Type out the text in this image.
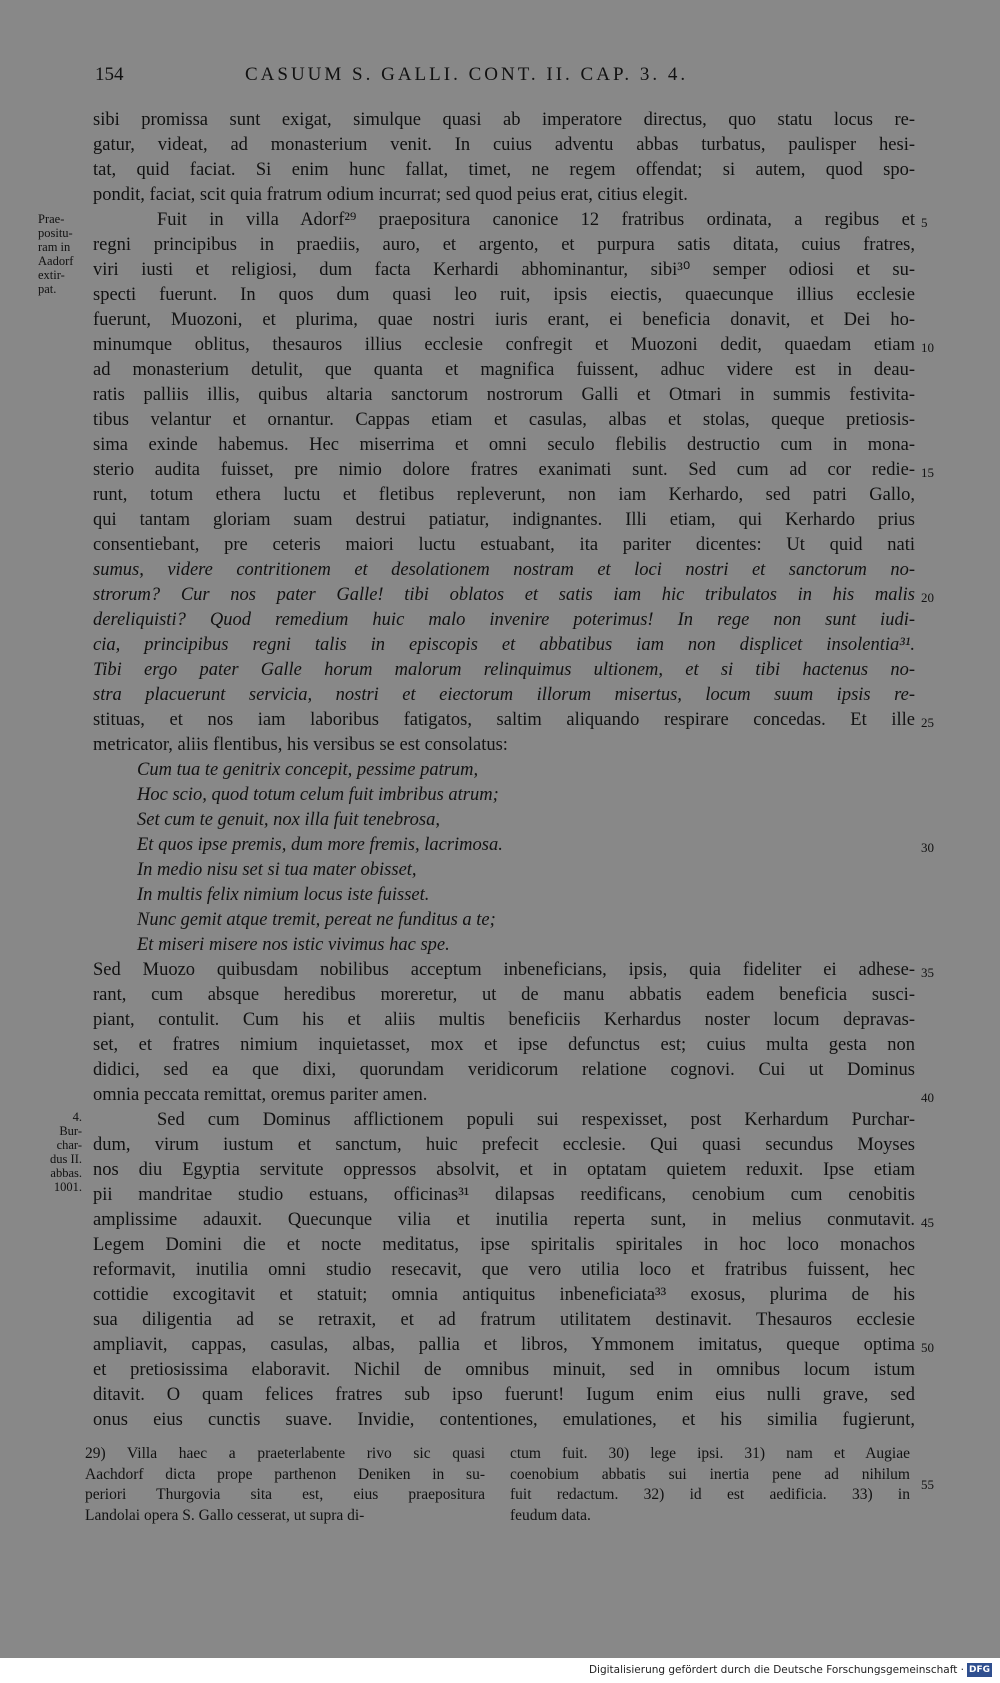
154	CASUUM S. GALLI. CONT. II. CAP. 3. 4.
Prae-
positu-
ram in
Aadorf
extir-
pat.
4.
Bur-
char-
dus II.
abbas.
1001.
29) Villa haec a praeterlabente rivo sic quasi
Aachdorf dicta prope parthenon Deniken in su-
periori Thurgovia sita est, eius praepositura
Landolai opera S. Gallo cesserat, ut supra di-
ctum fuit. 30) lege ipsi. 31) nam et Augiae
coenobium abbatis sui inertia pene ad nihilum
fuit redactum. 32) id est aedificia. 33) in
feudum data.
sibi promissa sunt exigat, simulque quasi ab imperatore directus, quo statu locus re-
gatur, videat, ad monasterium venit. In cuius adventu abbas turbatus, paulisper hesi-
tat, quid faciat. Si enim hunc fallat, timet, ne regem offendat; si autem, quod spo-
pondit, faciat, scit quia fratrum odium incurrat; sed quod peius erat, citius elegit.
Fuit in villa Adorf²⁹ praepositura canonice 12 fratribus ordinata, a regibus et
regni principibus in praediis, auro, et argento, et purpura satis ditata, cuius fratres,
viri iusti et religiosi, dum facta Kerhardi abhominantur, sibi³⁰ semper odiosi et su-
specti fuerunt. In quos dum quasi leo ruit, ipsis eiectis, quaecunque illius ecclesie
fuerunt, Muozoni, et plurima, quae nostri iuris erant, ei beneficia donavit, et Dei ho-
minumque oblitus, thesauros illius ecclesie confregit et Muozoni dedit, quaedam etiam
ad monasterium detulit, que quanta et magnifica fuissent, adhuc videre est in deau-
ratis palliis illis, quibus altaria sanctorum nostrorum Galli et Otmari in summis festivita-
tibus velantur et ornantur. Cappas etiam et casulas, albas et stolas, queque pretiosis-
sima exinde habemus. Hec miserrima et omni seculo flebilis destructio cum in mona-
sterio audita fuisset, pre nimio dolore fratres exanimati sunt. Sed cum ad cor redie-
runt, totum ethera luctu et fletibus repleverunt, non iam Kerhardo, sed patri Gallo,
qui tantam gloriam suam destrui patiatur, indignantes. Illi etiam, qui Kerhardo prius
consentiebant, pre ceteris maiori luctu estuabant, ita pariter dicentes: Ut quid nati
sumus, videre contritionem et desolationem nostram et loci nostri et sanctorum no-
strorum? Cur nos pater Galle! tibi oblatos et satis iam hic tribulatos in his malis
dereliquisti? Quod remedium huic malo invenire poterimus! In rege non sunt iudi-
cia, principibus regni talis in episcopis et abbatibus iam non displicet insolentia³¹.
Tibi ergo pater Galle horum malorum relinquimus ultionem, et si tibi hactenus no-
stra placuerunt servicia, nostri et eiectorum illorum misertus, locum suum ipsis re-
stituas, et nos iam laboribus fatigatos, saltim aliquando respirare concedas. Et ille
metricator, aliis flentibus, his versibus se est consolatus:
Sed Muozo quibusdam nobilibus acceptum inbeneficians, ipsis, quia fideliter ei adhese-
rant, cum absque heredibus moreretur, ut de manu abbatis eadem beneficia susci-
piant, contulit. Cum his et aliis multis beneficiis Kerhardus noster locum depravas-
set, et fratres nimium inquietasset, mox et ipse defunctus est; cuius multa gesta non
didici, sed ea que dixi, quorundam veridicorum relatione cognovi. Cui ut Dominus
omnia peccata remittat, oremus pariter amen.
Sed cum Dominus afflictionem populi sui respexisset, post Kerhardum Purchar-
dum, virum iustum et sanctum, huic prefecit ecclesie. Qui quasi secundus Moyses
nos diu Egyptia servitute oppressos absolvit, et in optatam quietem reduxit. Ipse etiam
pii mandritae studio estuans, officinas³¹ dilapsas reedificans, cenobium cum cenobitis
amplissime adauxit. Quecunque vilia et inutilia reperta sunt, in melius conmutavit.
Legem Domini die et nocte meditatus, ipse spiritalis spiritales in hoc loco monachos
reformavit, inutilia omni studio resecavit, que vero utilia loco et fratribus fuissent, hec
cottidie excogitavit et statuit; omnia antiquitus inbeneficiata³³ exosus, plurima de his
sua diligentia ad se retraxit, et ad fratrum utilitatem destinavit. Thesauros ecclesie
ampliavit, cappas, casulas, albas, pallia et libros, Ymmonem imitatus, queque optima
et pretiosissima elaboravit. Nichil de omnibus minuit, sed in omnibus locum istum
ditavit. O quam felices fratres sub ipso fuerunt! Iugum enim eius nulli grave, sed
onus eius cunctis suave. Invidie, contentiones, emulationes, et his similia fugierunt,
Cum tua te genitrix concepit, pessime patrum,
Hoc scio, quod totum celum fuit imbribus atrum;
Set cum te genuit, nox illa fuit tenebrosa,
Et quos ipse premis, dum more fremis, lacrimosa.
In medio nisu set si tua mater obisset,
In multis felix nimium locus iste fuisset.
Nunc gemit atque tremit, pereat ne funditus a te;
Et miseri misere nos istic vivimus hac spe.
5
10
15
20
25
30
35
40
45
50
55
Digitalisierung gefördert durch die Deutsche Forschungsgemeinschaft · DFG
